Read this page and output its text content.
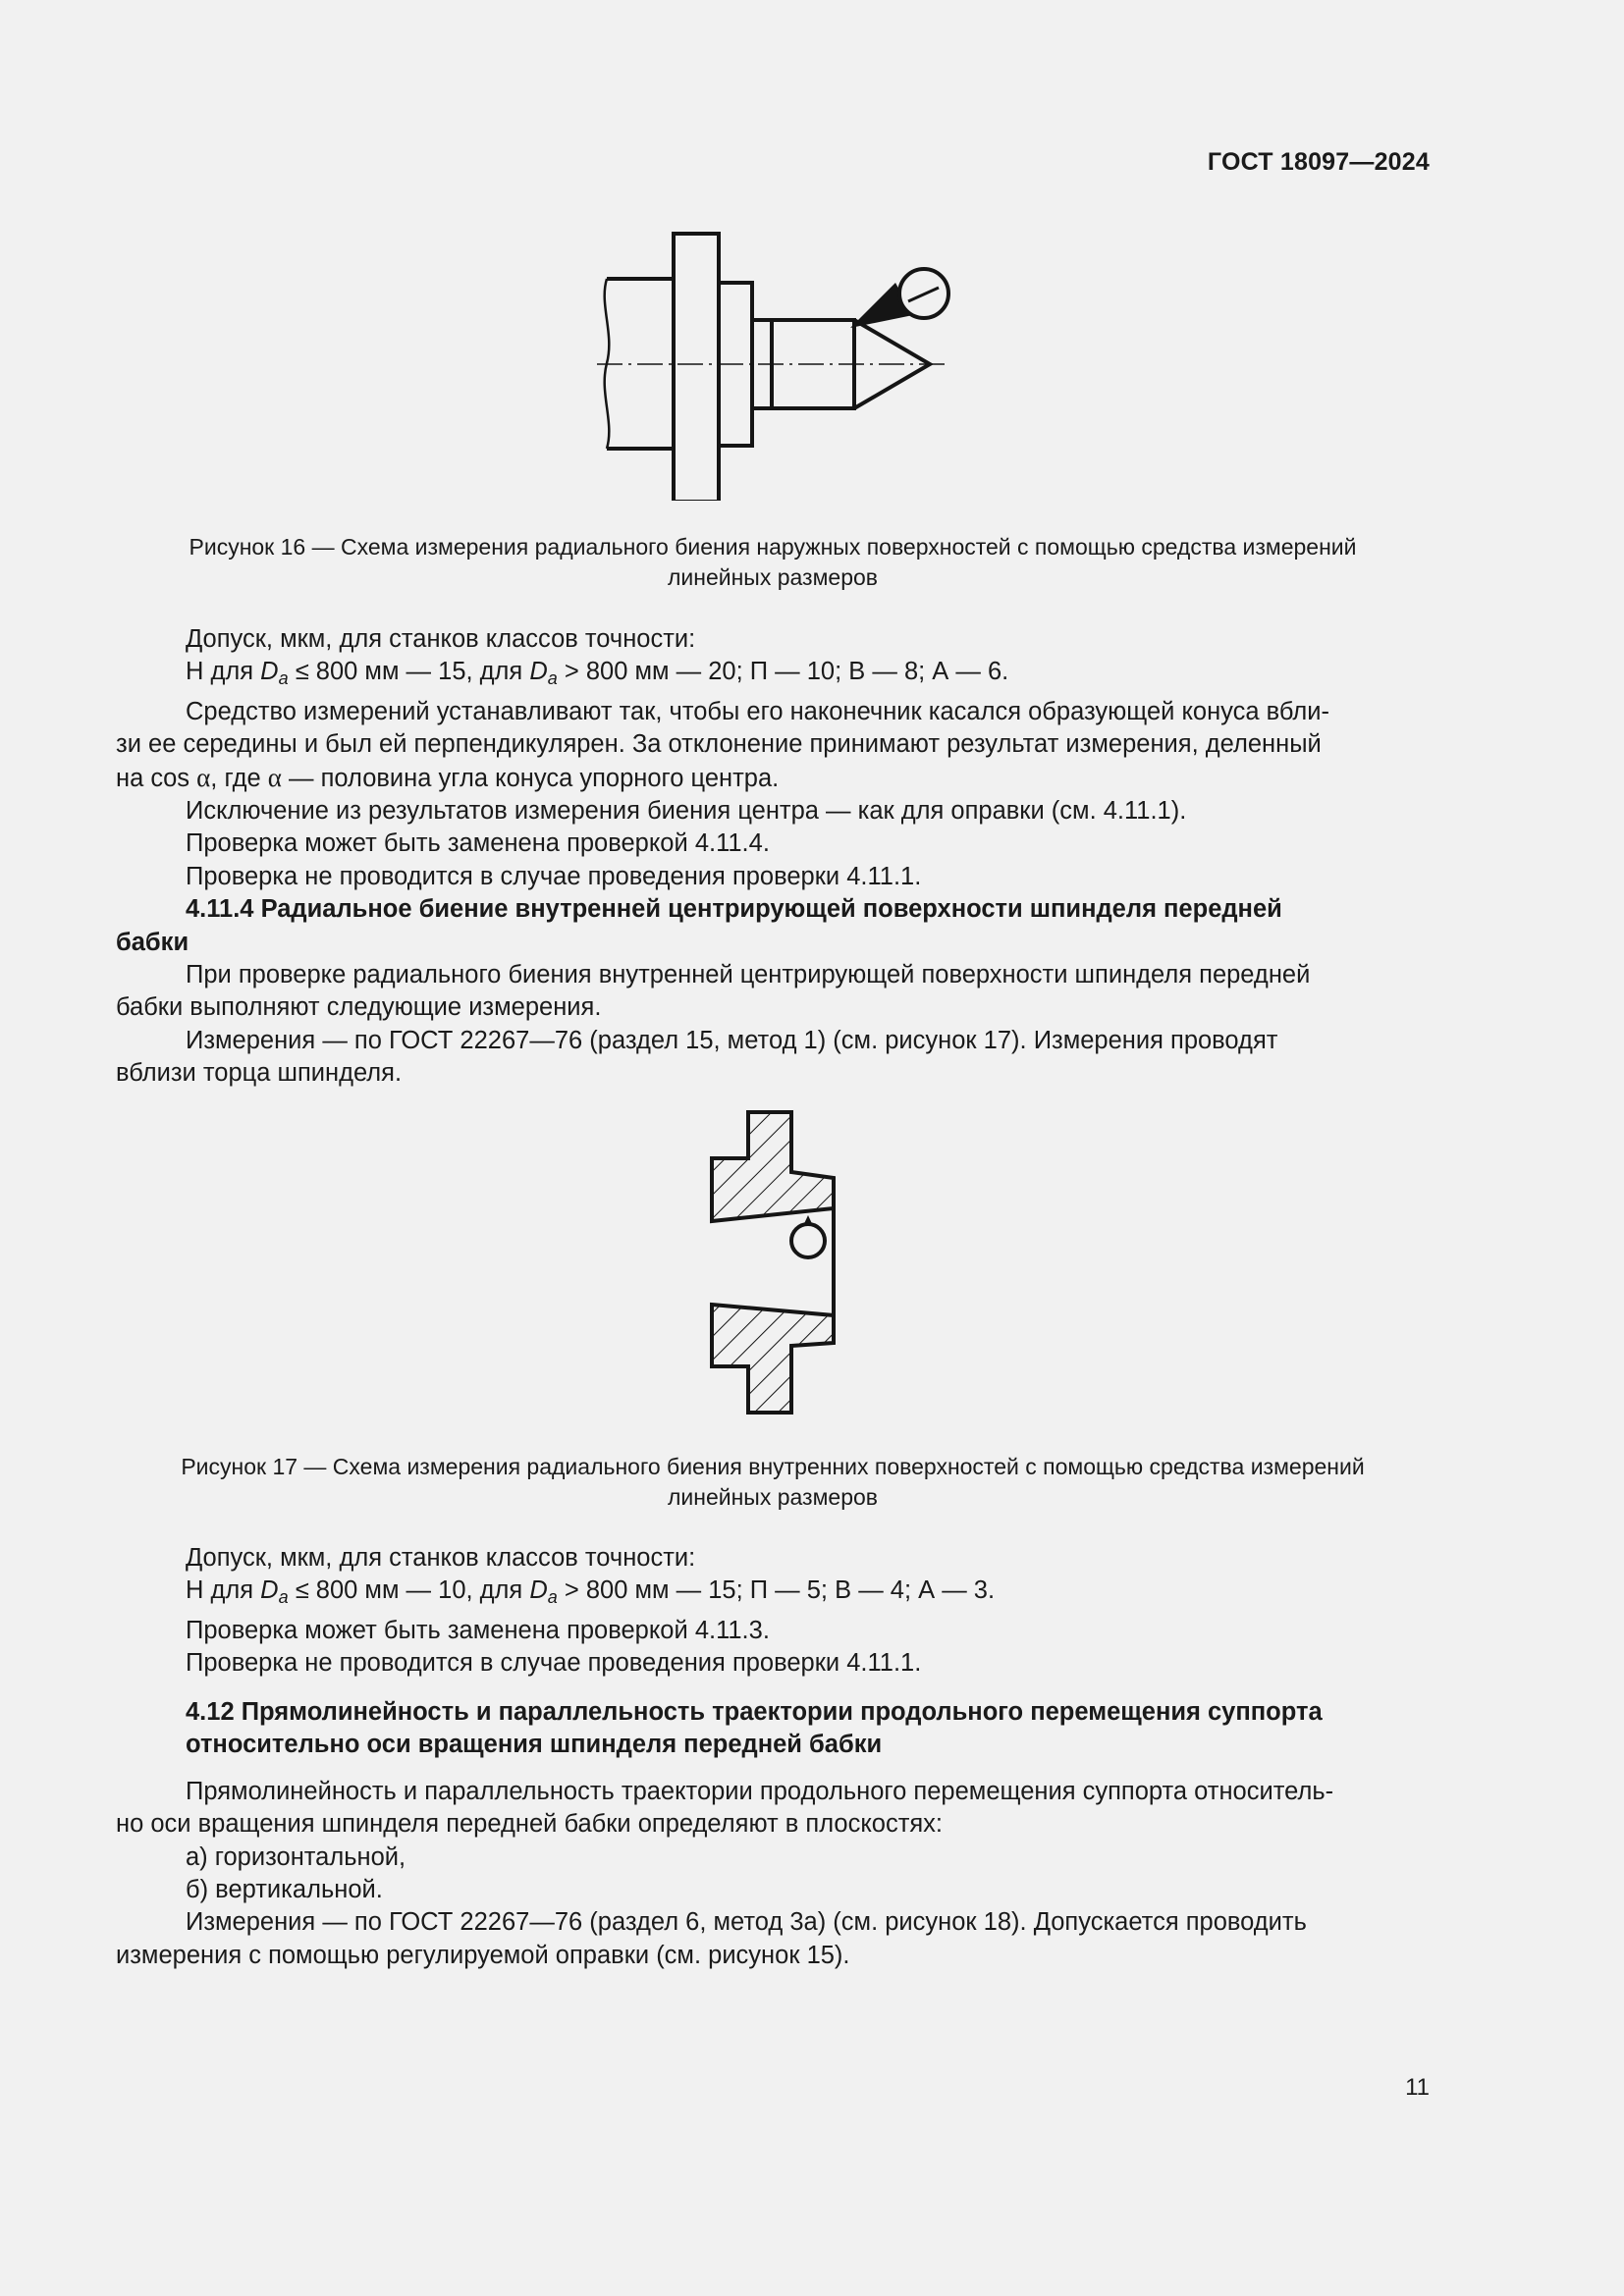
ГОСТ 18097—2024
Рисунок 16 — Схема измерения радиального биения наружных поверхностей с помощью средства измерений
линейных размеров

Допуск, мкм, для станков классов точности:

Н для $D_a \le 800$ мм — 15, для $D_a > 800$ мм — 20; П — 10; В — 8; А — 6.

Средство измерений устанавливают так, чтобы его наконечник касался образующей конуса вбли-
зи ее середины и был ей перпендикулярен. За отклонение принимают результат измерения, деленный
на cos α, где α — половина угла конуса упорного центра.

Исключение из результатов измерения биения центра — как для оправки (см. 4.11.1).

Проверка может быть заменена проверкой 4.11.4.

Проверка не проводится в случае проведения проверки 4.11.1.

4.11.4 Радиальное биение внутренней центрирующей поверхности шпинделя передней
бабки

При проверке радиального биения внутренней центрирующей поверхности шпинделя передней
бабки выполняют следующие измерения.

Измерения — по ГОСТ 22267—76 (раздел 15, метод 1) (см. рисунок 17). Измерения проводят
вблизи торца шпинделя.

Рисунок 17 — Схема измерения радиального биения внутренних поверхностей с помощью средства измерений
линейных размеров

Допуск, мкм, для станков классов точности:

Н для $D_a \le 800$ мм — 10, для $D_a > 800$ мм — 15; П — 5; В — 4; А — 3.

Проверка может быть заменена проверкой 4.11.3.

Проверка не проводится в случае проведения проверки 4.11.1.

4.12 Прямолинейность и параллельность траектории продольного перемещения суппорта
относительно оси вращения шпинделя передней бабки

Прямолинейность и параллельность траектории продольного перемещения суппорта относитель-
но оси вращения шпинделя передней бабки определяют в плоскостях:

а) горизонтальной,

б) вертикальной.

Измерения — по ГОСТ 22267—76 (раздел 6, метод 3а) (см. рисунок 18). Допускается проводить
измерения с помощью регулируемой оправки (см. рисунок 15).

11
